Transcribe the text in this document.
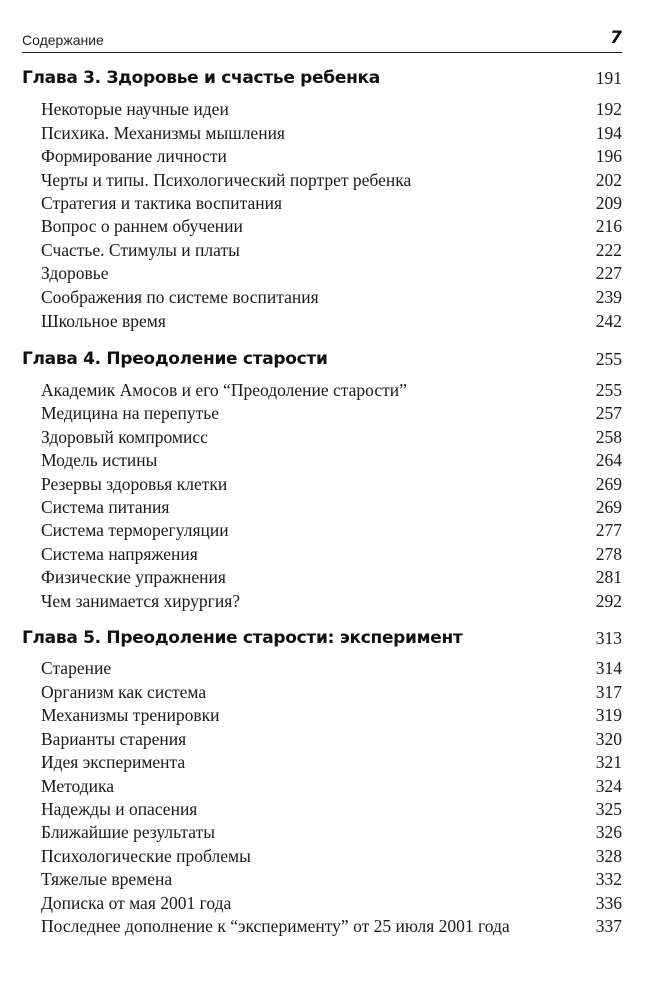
Содержание	7
Глава 3. Здоровье и счастье ребенка	191
Некоторые научные идеи	192
Психика. Механизмы мышления	194
Формирование личности	196
Черты и типы. Психологический портрет ребенка	202
Стратегия и тактика воспитания	209
Вопрос о раннем обучении	216
Счастье. Стимулы и платы	222
Здоровье	227
Соображения по системе воспитания	239
Школьное время	242
Глава 4. Преодоление старости	255
Академик Амосов и его “Преодоление старости”	255
Медицина на перепутье	257
Здоровый компромисс	258
Модель истины	264
Резервы здоровья клетки	269
Система питания	269
Система терморегуляции	277
Система напряжения	278
Физические упражнения	281
Чем занимается хирургия?	292
Глава 5. Преодоление старости: эксперимент	313
Старение	314
Организм как система	317
Механизмы тренировки	319
Варианты старения	320
Идея эксперимента	321
Методика	324
Надежды и опасения	325
Ближайшие результаты	326
Психологические проблемы	328
Тяжелые времена	332
Дописка от мая 2001 года	336
Последнее дополнение к “эксперименту” от 25 июля 2001 года	337
